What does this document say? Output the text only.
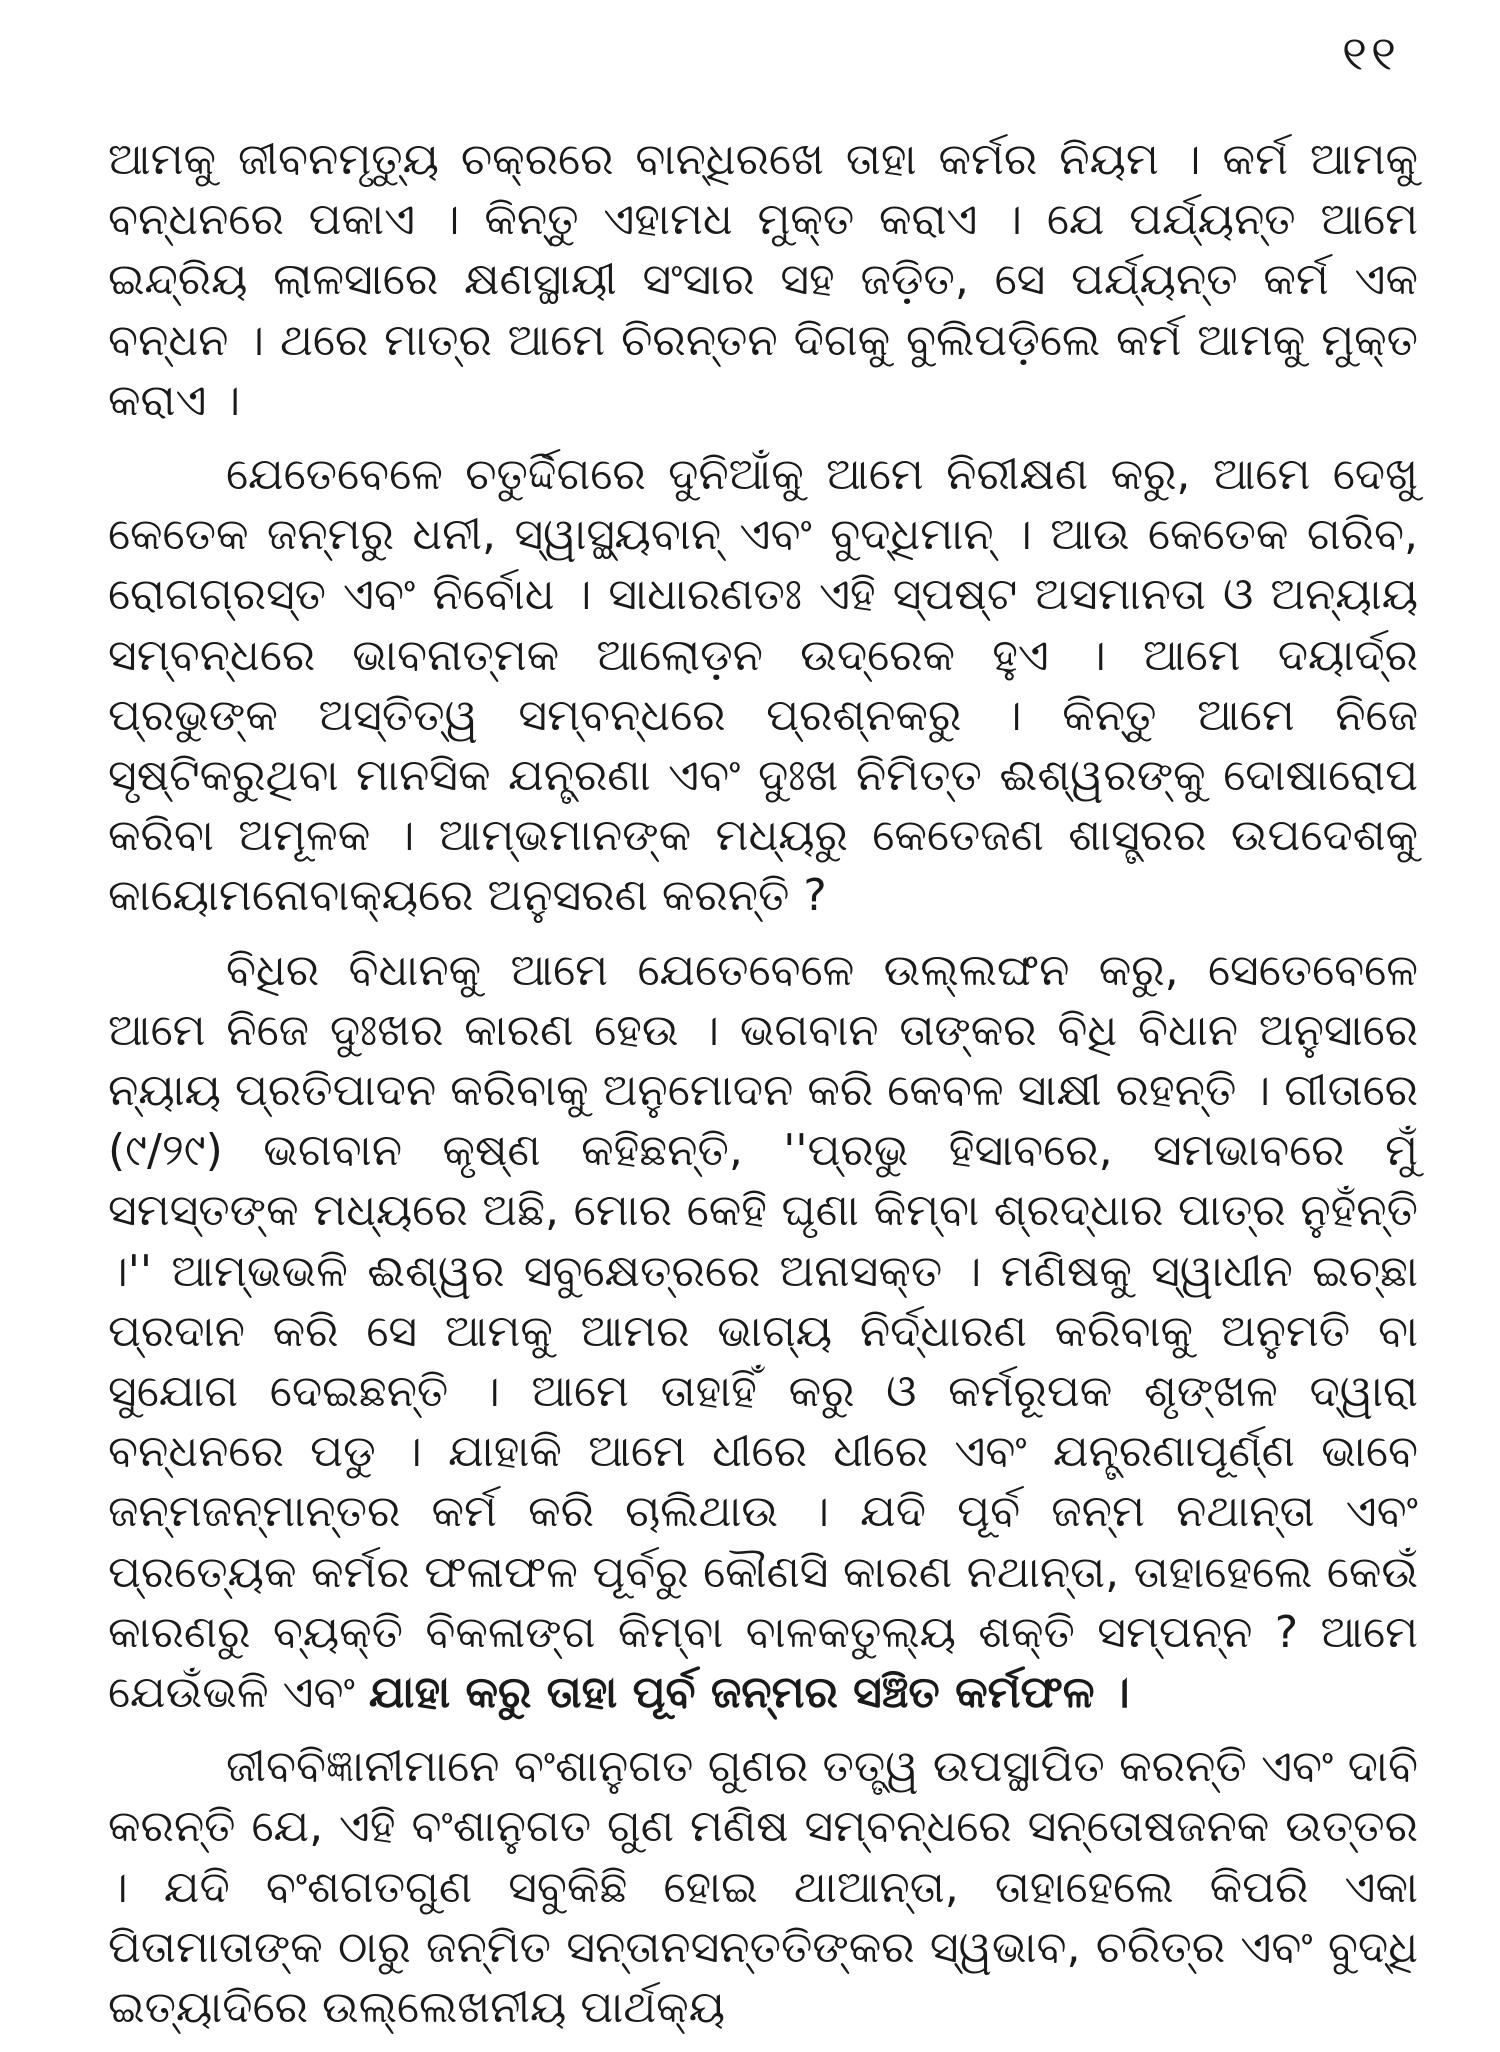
୧୧

ଆମକୁ ଜୀବନମୃତ୍ୟୁ ଚକ୍ରରେ ବାନ୍ଧିରଖେ ତାହା କର୍ମର ନିୟମ । କର୍ମ ଆମକୁ ବନ୍ଧନରେ ପକାଏ । କିନ୍ତୁ ଏହାମଧ ମୁକ୍ତ କରାଏ । ଯେ ପର୍ଯ୍ୟନ୍ତ ଆମେ ଇନ୍ଦ୍ରିୟ ଲାଳସାରେ କ୍ଷଣସ୍ଥାୟୀ ସଂସାର ସହ ଜଡ଼ିତ, ସେ ପର୍ଯ୍ୟନ୍ତ କର୍ମ ଏକ ବନ୍ଧନ । ଥରେ ମାତ୍ର ଆମେ ଚିରନ୍ତନ ଦିଗକୁ ବୁଲିପଡ଼ିଲେ କର୍ମ ଆମକୁ ମୁକ୍ତ କରାଏ ।

ଯେତେବେଳେ ଚତୁର୍ଦ୍ଦିଗରେ ଦୁନିଆଁକୁ ଆମେ ନିରୀକ୍ଷଣ କରୁ, ଆମେ ଦେଖୁ କେତେକ ଜନ୍ମରୁ ଧନୀ, ସ୍ୱାସ୍ଥ୍ୟବାନ୍ ଏବଂ ବୁଦ୍ଧିମାନ୍ । ଆଉ କେତେକ ଗରିବ, ରୋଗଗ୍ରସ୍ତ ଏବଂ ନିର୍ବୋଧ । ସାଧାରଣତଃ ଏହି ସ୍ପଷ୍ଟ ଅସମାନତା ଓ ଅନ୍ୟାୟ ସମ୍ବନ୍ଧରେ ଭାବନାତ୍ମକ ଆଲୋଡ଼ନ ଉଦ୍ରେକ ହୁଏ । ଆମେ ଦୟାର୍ଦ୍ର ପ୍ରଭୁଙ୍କ ଅସ୍ତିତ୍ୱ ସମ୍ବନ୍ଧରେ ପ୍ରଶ୍ନକରୁ । କିନ୍ତୁ ଆମେ ନିଜେ ସୃଷ୍ଟିକରୁଥିବା ମାନସିକ ଯନ୍ତ୍ରଣା ଏବଂ ଦୁଃଖ ନିମିତ୍ତ ଈଶ୍ୱରଙ୍କୁ ଦୋଷାରୋପ କରିବା ଅମୂଳକ । ଆମ୍ଭମାନଙ୍କ ମଧ୍ୟରୁ କେତେଜଣ ଶାସ୍ତ୍ରର ଉପଦେଶକୁ କାୟୋମନୋବାକ୍ୟରେ ଅନୁସରଣ କରନ୍ତି ?

ବିଧିର ବିଧାନକୁ ଆମେ ଯେତେବେଳେ ଉଲ୍ଲଙ୍ଘନ କରୁ, ସେତେବେଳେ ଆମେ ନିଜେ ଦୁଃଖର କାରଣ ହେଉ । ଭଗବାନ ତାଙ୍କର ବିଧି ବିଧାନ ଅନୁସାରେ ନ୍ୟାୟ ପ୍ରତିପାଦନ କରିବାକୁ ଅନୁମୋଦନ କରି କେବଳ ସାକ୍ଷୀ ରହନ୍ତି । ଗୀତାରେ (୯/୨୯) ଭଗବାନ କୃଷ୍ଣ କହିଛନ୍ତି, ''ପ୍ରଭୁ ହିସାବରେ, ସମଭାବରେ ମୁଁ ସମସ୍ତଙ୍କ ମଧ୍ୟରେ ଅଛି, ମୋର କେହି ଘୃଣା କିମ୍ବା ଶ୍ରଦ୍ଧାର ପାତ୍ର ନୁହଁନ୍ତି ।'' ଆମ୍ଭଭଳି ଈଶ୍ୱର ସବୁକ୍ଷେତ୍ରରେ ଅନାସକ୍ତ । ମଣିଷକୁ ସ୍ୱାଧୀନ ଇଚ୍ଛା ପ୍ରଦାନ କରି ସେ ଆମକୁ ଆମର ଭାଗ୍ୟ ନିର୍ଦ୍ଧାରଣ କରିବାକୁ ଅନୁମତି ବା ସୁଯୋଗ ଦେଇଛନ୍ତି । ଆମେ ତାହାହିଁ କରୁ ଓ କର୍ମରୂପକ ଶୃଙ୍ଖଳ ଦ୍ୱାରା ବନ୍ଧନରେ ପଡୁ । ଯାହାକି ଆମେ ଧୀରେ ଧୀରେ ଏବଂ ଯନ୍ତ୍ରଣାପୂର୍ଣ୍ଣ ଭାବେ ଜନ୍ମଜନ୍ମାନ୍ତର କର୍ମ କରି ଚାଲିଥାଉ । ଯଦି ପୂର୍ବ ଜନ୍ମ ନଥାନ୍ତା ଏବଂ ପ୍ରତ୍ୟେକ କର୍ମର ଫଳାଫଳ ପୂର୍ବରୁ କୌଣସି କାରଣ ନଥାନ୍ତା, ତାହାହେଲେ କେଉଁ କାରଣରୁ ବ୍ୟକ୍ତି ବିକଳାଙ୍ଗ କିମ୍ବା ବାଳକତୁଲ୍ୟ ଶକ୍ତି ସମ୍ପନ୍ନ ? ଆମେ ଯେଉଁଭଳି ଏବଂ ଯାହା କରୁ ତାହା ପୂର୍ବ ଜନ୍ମର ସଞ୍ଚିତ କର୍ମଫଳ ।

ଜୀବବିଜ୍ଞାନୀମାନେ ବଂଶାନୁଗତ ଗୁଣର ତତ୍ତ୍ୱ ଉପସ୍ଥାପିତ କରନ୍ତି ଏବଂ ଦାବି କରନ୍ତି ଯେ, ଏହି ବଂଶାନୁଗତ ଗୁଣ ମଣିଷ ସମ୍ବନ୍ଧରେ ସନ୍ତୋଷଜନକ ଉତ୍ତର । ଯଦି ବଂଶଗତଗୁଣ ସବୁକିଛି ହୋଇ ଥାଆନ୍ତା, ତାହାହେଲେ କିପରି ଏକା ପିତାମାତାଙ୍କ ଠାରୁ ଜନ୍ମିତ ସନ୍ତାନସନ୍ତତିଙ୍କର ସ୍ୱଭାବ, ଚରିତ୍ର ଏବଂ ବୁଦ୍ଧି ଇତ୍ୟାଦିରେ ଉଲ୍ଲେଖନୀୟ ପାର୍ଥକ୍ୟ
